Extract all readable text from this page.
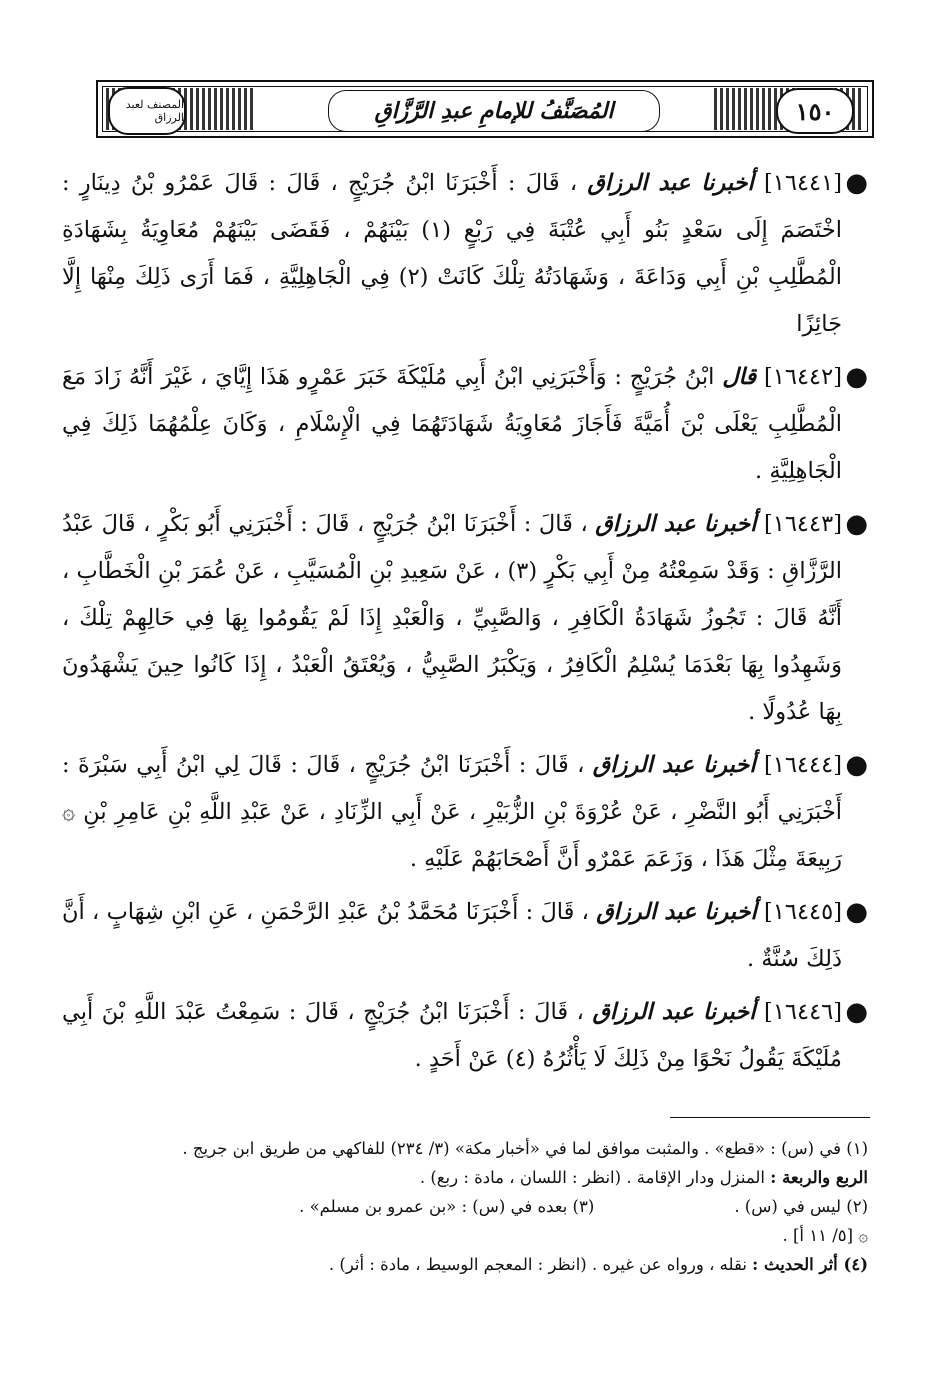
المصنف لعبد الرزاق	المُصَنَّفُ للإمامِ عبدِ الرَّزَّاقِ	١٥٠
●
[١٦٤٤١] أخبرنا عبد الرزاق ، قَالَ : أَخْبَرَنَا ابْنُ جُرَيْجٍ ، قَالَ : قَالَ عَمْرُو بْنُ دِينَارٍ : اخْتَصَمَ إِلَى سَعْدٍ بَنُو أَبِي عُتْبَةَ فِي رَبْعٍ (١) بَيْنَهُمْ ، فَقَضَى بَيْنَهُمْ مُعَاوِيَةُ بِشَهَادَةِ الْمُطَّلِبِ بْنِ أَبِي وَدَاعَةَ ، وَشَهَادَتُهُ تِلْكَ كَانَتْ (٢) فِي الْجَاهِلِيَّةِ ، فَمَا أَرَى ذَلِكَ مِنْهَا إِلَّا جَائِزًا
●
[١٦٤٤٢] قال ابْنُ جُرَيْجٍ : وَأَخْبَرَنِي ابْنُ أَبِي مُلَيْكَةَ خَبَرَ عَمْرٍو هَذَا إِيَّايَ ، غَيْرَ أَنَّهُ زَادَ مَعَ الْمُطَّلِبِ يَعْلَى بْنَ أُمَيَّةَ فَأَجَازَ مُعَاوِيَةُ شَهَادَتَهُمَا فِي الْإِسْلَامِ ، وَكَانَ عِلْمُهُمَا ذَلِكَ فِي الْجَاهِلِيَّةِ .
●
[١٦٤٤٣] أخبرنا عبد الرزاق ، قَالَ : أَخْبَرَنَا ابْنُ جُرَيْجٍ ، قَالَ : أَخْبَرَنِي أَبُو بَكْرٍ ، قَالَ عَبْدُ الرَّزَّاقِ : وَقَدْ سَمِعْتُهُ مِنْ أَبِي بَكْرٍ (٣) ، عَنْ سَعِيدِ بْنِ الْمُسَيَّبِ ، عَنْ عُمَرَ بْنِ الْخَطَّابِ ، أَنَّهُ قَالَ : تَجُوزُ شَهَادَةُ الْكَافِرِ ، وَالصَّبِيِّ ، وَالْعَبْدِ إِذَا لَمْ يَقُومُوا بِهَا فِي حَالِهِمْ تِلْكَ ، وَشَهِدُوا بِهَا بَعْدَمَا يُسْلِمُ الْكَافِرُ ، وَيَكْبَرُ الصَّبِيُّ ، وَيُعْتَقُ الْعَبْدُ ، إِذَا كَانُوا حِينَ يَشْهَدُونَ بِهَا عُدُولًا .
●
[١٦٤٤٤] أخبرنا عبد الرزاق ، قَالَ : أَخْبَرَنَا ابْنُ جُرَيْجٍ ، قَالَ : قَالَ لِي ابْنُ أَبِي سَبْرَةَ : أَخْبَرَنِي أَبُو النَّضْرِ ، عَنْ عُرْوَةَ بْنِ الزُّبَيْرِ ، عَنْ أَبِي الزِّنَادِ ، عَنْ عَبْدِ اللَّهِ بْنِ عَامِرِ بْنِ ۞ رَبِيعَةَ مِثْلَ هَذَا ، وَزَعَمَ عَمْرٌو أَنَّ أَصْحَابَهُمْ عَلَيْهِ .
●
[١٦٤٤٥] أخبرنا عبد الرزاق ، قَالَ : أَخْبَرَنَا مُحَمَّدُ بْنُ عَبْدِ الرَّحْمَنِ ، عَنِ ابْنِ شِهَابٍ ، أَنَّ ذَلِكَ سُنَّةٌ .
●
[١٦٤٤٦] أخبرنا عبد الرزاق ، قَالَ : أَخْبَرَنَا ابْنُ جُرَيْجٍ ، قَالَ : سَمِعْتُ عَبْدَ اللَّهِ بْنَ أَبِي مُلَيْكَةَ يَقُولُ نَحْوًا مِنْ ذَلِكَ لَا يَأْثُرُهُ (٤) عَنْ أَحَدٍ .
(١) في (س) : «قطع» . والمثبت موافق لما في «أخبار مكة» (٣/ ٢٣٤) للفاكهي من طريق ابن جريج .
الربع والربعة : المنزل ودار الإقامة . (انظر : اللسان ، مادة : ربع) .
(٢) ليس في (س) .
(٣) بعده في (س) : «بن عمرو بن مسلم» .
۞ [٥/ ١١ أ] .
(٤) أثر الحديث : نقله ، ورواه عن غيره . (انظر : المعجم الوسيط ، مادة : أثر) .
